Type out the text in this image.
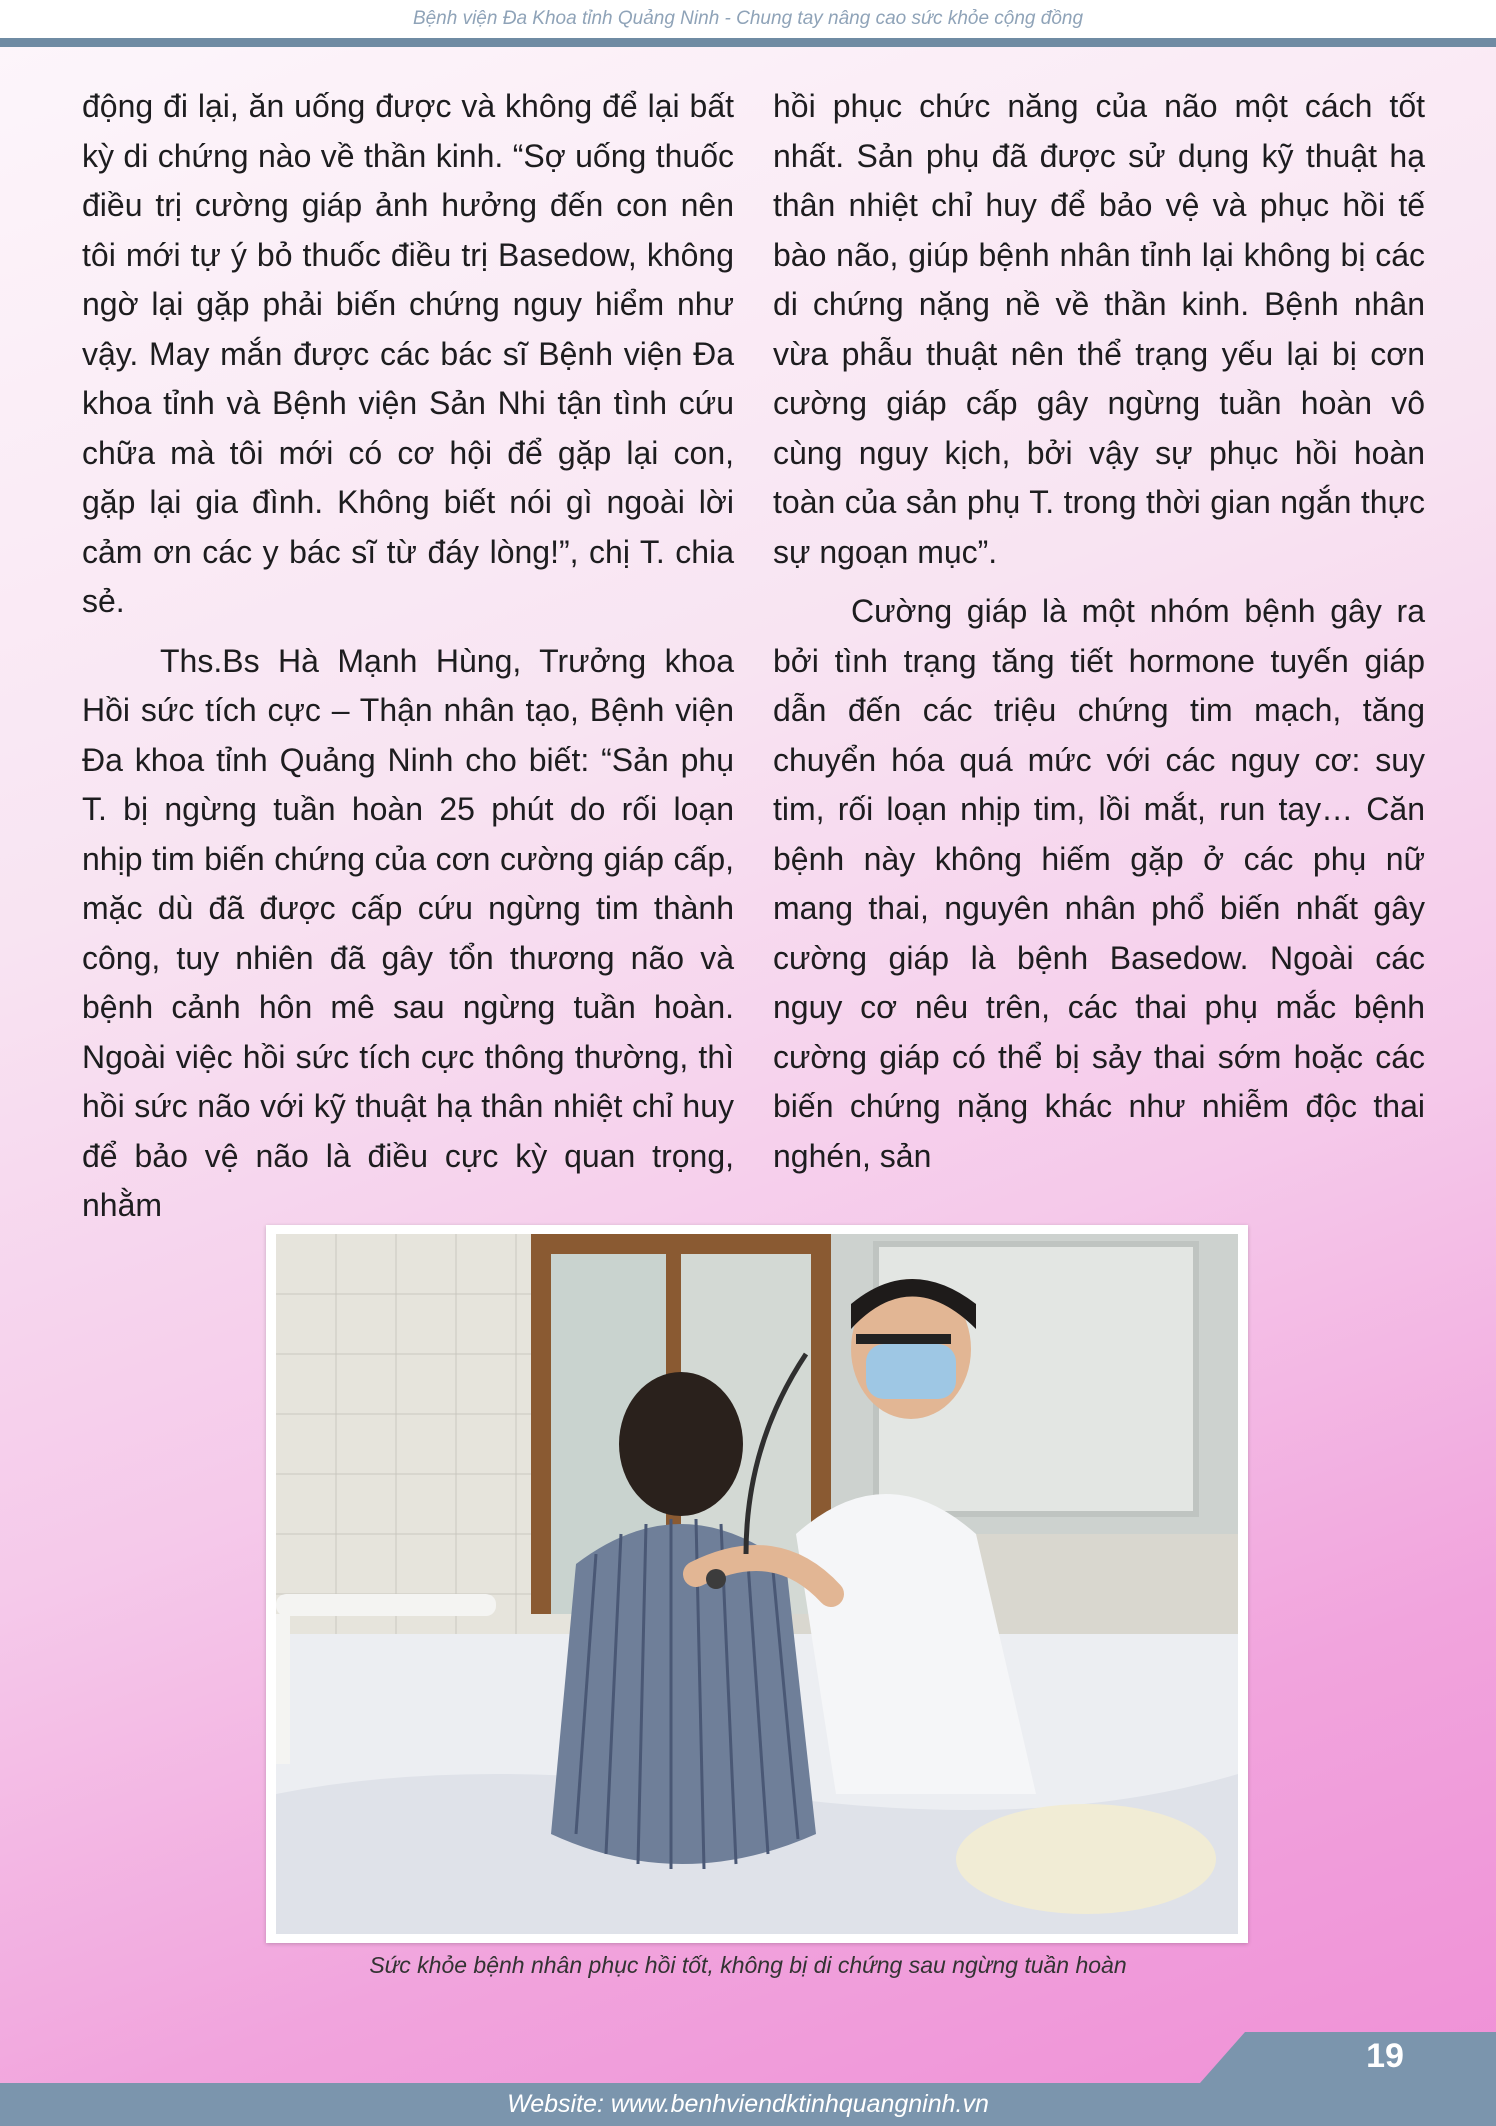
Bệnh viện Đa Khoa tỉnh Quảng Ninh - Chung tay nâng cao sức khỏe cộng đồng

động đi lại, ăn uống được và không để lại bất kỳ di chứng nào về thần kinh. “Sợ uống thuốc điều trị cường giáp ảnh hưởng đến con nên tôi mới tự ý bỏ thuốc điều trị Basedow, không ngờ lại gặp phải biến chứng nguy hiểm như vậy. May mắn được các bác sĩ Bệnh viện Đa khoa tỉnh và Bệnh viện Sản Nhi tận tình cứu chữa mà tôi mới có cơ hội để gặp lại con, gặp lại gia đình. Không biết nói gì ngoài lời cảm ơn các y bác sĩ từ đáy lòng!”, chị T. chia sẻ.

Ths.Bs Hà Mạnh Hùng, Trưởng khoa Hồi sức tích cực – Thận nhân tạo, Bệnh viện Đa khoa tỉnh Quảng Ninh cho biết: “Sản phụ T. bị ngừng tuần hoàn 25 phút do rối loạn nhịp tim biến chứng của cơn cường giáp cấp, mặc dù đã được cấp cứu ngừng tim thành công, tuy nhiên đã gây tổn thương não và bệnh cảnh hôn mê sau ngừng tuần hoàn. Ngoài việc hồi sức tích cực thông thường, thì hồi sức não với kỹ thuật hạ thân nhiệt chỉ huy để bảo vệ não là điều cực kỳ quan trọng, nhằm

hồi phục chức năng của não một cách tốt nhất. Sản phụ đã được sử dụng kỹ thuật hạ thân nhiệt chỉ huy để bảo vệ và phục hồi tế bào não, giúp bệnh nhân tỉnh lại không bị các di chứng nặng nề về thần kinh. Bệnh nhân vừa phẫu thuật nên thể trạng yếu lại bị cơn cường giáp cấp gây ngừng tuần hoàn vô cùng nguy kịch, bởi vậy sự phục hồi hoàn toàn của sản phụ T. trong thời gian ngắn thực sự ngoạn mục”.

Cường giáp là một nhóm bệnh gây ra bởi tình trạng tăng tiết hormone tuyến giáp dẫn đến các triệu chứng tim mạch, tăng chuyển hóa quá mức với các nguy cơ: suy tim, rối loạn nhịp tim, lồi mắt, run tay… Căn bệnh này không hiếm gặp ở các phụ nữ mang thai, nguyên nhân phổ biến nhất gây cường giáp là bệnh Basedow. Ngoài các nguy cơ nêu trên, các thai phụ mắc bệnh cường giáp có thể bị sảy thai sớm hoặc các biến chứng nặng khác như nhiễm độc thai nghén, sản

Sức khỏe bệnh nhân phục hồi tốt, không bị di chứng sau ngừng tuần hoàn
19
Website: www.benhviendktinhquangninh.vn
